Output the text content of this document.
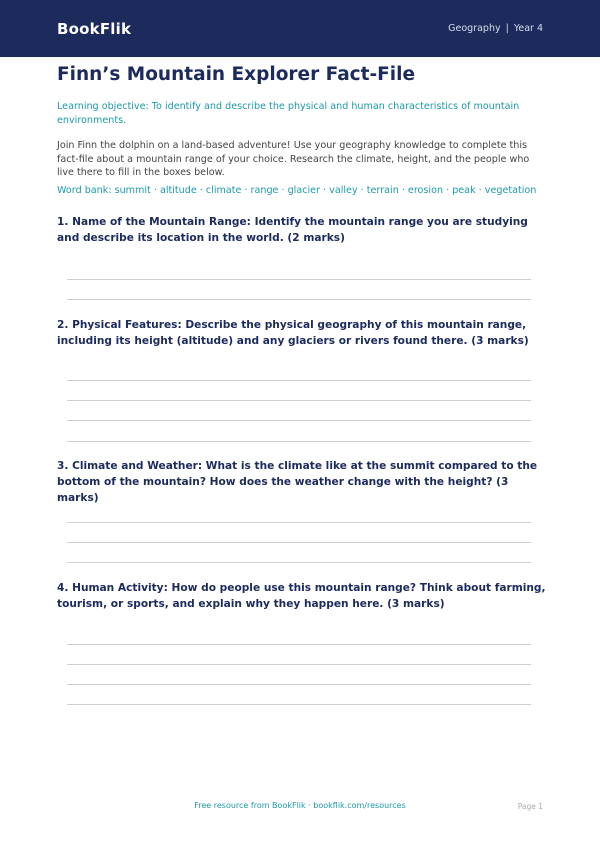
BookFlik	Geography | Year 4
Finn’s Mountain Explorer Fact-File
Learning objective: To identify and describe the physical and human characteristics of mountain environments.
Join Finn the dolphin on a land-based adventure! Use your geography knowledge to complete this fact-file about a mountain range of your choice. Research the climate, height, and the people who live there to fill in the boxes below.
Word bank: summit · altitude · climate · range · glacier · valley · terrain · erosion · peak · vegetation
1. Name of the Mountain Range: Identify the mountain range you are studying and describe its location in the world. (2 marks)
2. Physical Features: Describe the physical geography of this mountain range, including its height (altitude) and any glaciers or rivers found there. (3 marks)
3. Climate and Weather: What is the climate like at the summit compared to the bottom of the mountain? How does the weather change with the height? (3 marks)
4. Human Activity: How do people use this mountain range? Think about farming, tourism, or sports, and explain why they happen here. (3 marks)
Free resource from BookFlik · bookflik.com/resources	Page 1
